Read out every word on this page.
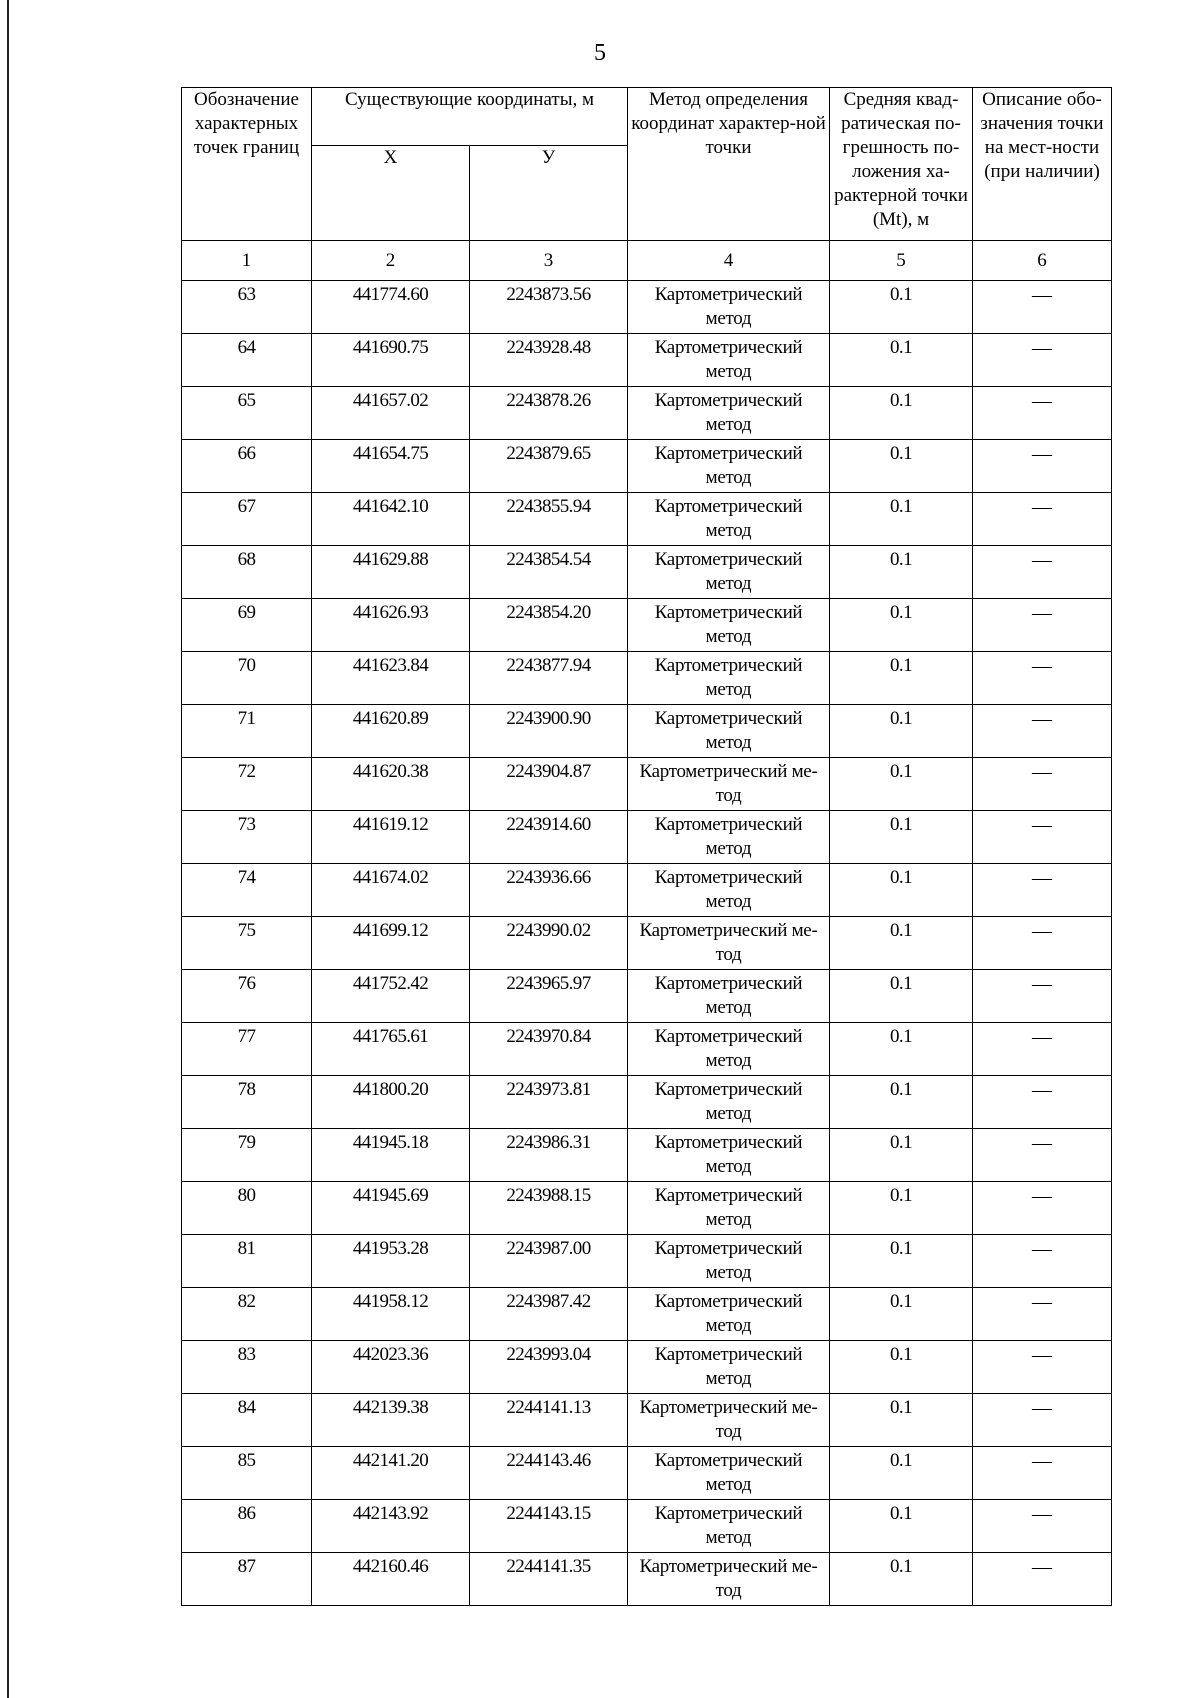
5
Обозначение характерных точек границ	Существующие координаты, м		Метод определения координат характер-ной точки	Средняя квад-ратическая по-грешность по-ложения ха-рактерной точки (Mt), м	Описание обо-значения точки на мест-ности (при наличии)
	Х	У			
1	2	3	4	5	6
63	441774.60	2243873.56	Картометрический метод	0.1	—
64	441690.75	2243928.48	Картометрический метод	0.1	—
65	441657.02	2243878.26	Картометрический метод	0.1	—
66	441654.75	2243879.65	Картометрический метод	0.1	—
67	441642.10	2243855.94	Картометрический метод	0.1	—
68	441629.88	2243854.54	Картометрический метод	0.1	—
69	441626.93	2243854.20	Картометрический метод	0.1	—
70	441623.84	2243877.94	Картометрический метод	0.1	—
71	441620.89	2243900.90	Картометрический метод	0.1	—
72	441620.38	2243904.87	Картометрический ме-тод	0.1	—
73	441619.12	2243914.60	Картометрический метод	0.1	—
74	441674.02	2243936.66	Картометрический метод	0.1	—
75	441699.12	2243990.02	Картометрический ме-тод	0.1	—
76	441752.42	2243965.97	Картометрический метод	0.1	—
77	441765.61	2243970.84	Картометрический метод	0.1	—
78	441800.20	2243973.81	Картометрический метод	0.1	—
79	441945.18	2243986.31	Картометрический метод	0.1	—
80	441945.69	2243988.15	Картометрический метод	0.1	—
81	441953.28	2243987.00	Картометрический метод	0.1	—
82	441958.12	2243987.42	Картометрический метод	0.1	—
83	442023.36	2243993.04	Картометрический метод	0.1	—
84	442139.38	2244141.13	Картометрический ме-тод	0.1	—
85	442141.20	2244143.46	Картометрический метод	0.1	—
86	442143.92	2244143.15	Картометрический метод	0.1	—
87	442160.46	2244141.35	Картометрический ме-тод	0.1	—
